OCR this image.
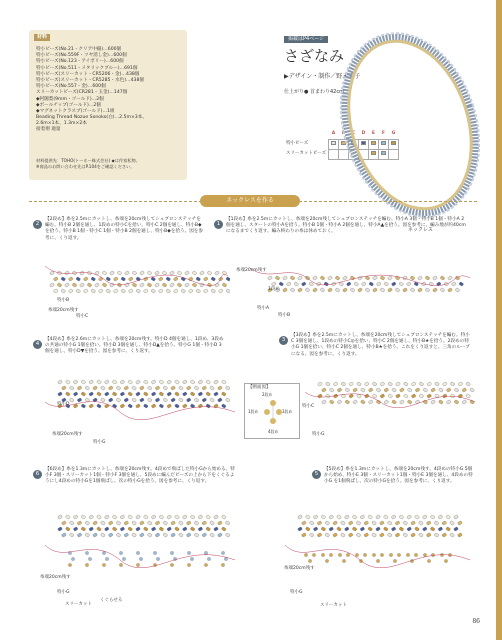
材料
特小ビーズ(No.21・クリア中銀)…600個
特小ビーズ(No.559F・ツヤ消し金)…600個
特小ビーズ(No.123・アイボリー)…600個
特小ビーズ(No.511・メタリックブルー)…691個
特小ビーズ(スリーカット・CR5206・金)…438個
特小ビーズ(スリーカット・CR5285・水色)…438個
特小ビーズ(No.557・金)…600個
スリーカットビーズ(CR281・玉金)…147個
◆阿闍梨(9mm・ゴールド)…2個
◆ボールチップ(ゴールド)…2個
◆マグネットクラスプ(ゴールド)…1組
Beading Thread Nozue Sonoko(白)…2.5m×3本、
2.6m×1本、1.3m×2本
接着剤 適量
材料提供先：TOHO(トーホー株式会社) ◆は作家私物。
※商品のお問い合わせ先はP.104をご確認ください。
掲載はP4ページ
さざなみ
▶デザイン・制作／野末園子
仕上がり● 首まわり42cm
	A	B	C	D	E	F	G
特小ビーズ							
スリーカットビーズ							
ネックレス
ネックレスを作る
1
【1段め】糸を2.5mにカットし、糸端を20cm残してシェブロンステッチを編む。特小A 3個・特小B 1個・特小A 2個を通し、スタートの特小Aを拾う。特小B 1個・特小A 2個を通し、特小A▲を拾う。図を参考に、編み地が約40cmになるまでくり返す。編み終わりの糸は休めておく。
2
【2段め】糸を2.5mにカットし、糸端を20cm残してシェブロンステッチを編む。特小B 2個を通し、1段めの特小Cを拾い、特小C 2個を通し、特小B◆を拾う。特小B 1個・特小C 1個・特小B 2個を通し、特小B◆を拾う。図を参考に、くり返す。
3
【3段め】糸を2.5mにカットし、糸端を20cm残してシェブロンステッチを編む。特小C 3個を通し、1段めの特小C◎を拾い、特小C 2個を通し、特小B★を拾う。2段めの特小G 1個を拾い、特小C 2個を通し、特小B★を拾う。これをくり返すと、三角のループになる。図を参考に、くり返す。
4
【4段め】糸を2.6mにカットし、糸端を20cm残す。特小D 4個を通し、1段め、3段めの共通の特小G 1個を拾い、特小D 3個を通し、特小D▲を拾う。特小G 1個・特小D 3個を通し、特小D▼を拾う。図を参考に、くり返す。
6
【6段め】糸を1.3mにカットし、糸端を20cm残す。4段めで飛ばした特小Gから始める。特小F 3個・スリーカット1個・特小F 3個を通し、5段めに編んだビーズの上から下をくぐるようにし4段めの特小Gを1個飛ばし、次の特小Gを拾う。図を参考に、くり返す。
5
【5段め】糸を1.3mにカットし、糸端を20cm残す。4段めの特小G 5個から始め、特小E 3個・スリーカット1個・特小E 3個を通し、4段めの特小G を1個飛ばし、次の特小Gを拾う。図を参考に、くり返す。
糸端20cm残す
1段め
特小A
特小B
特小B
糸端20cm残す
特小C
特小C
特小G
特小D
糸端20cm残す
特小G
糸端20cm残す
特小G
スリーカット
くぐらせる
糸端20cm残す
特小G
スリーカット
【断面図】
2段め
1段め	3段め
4段め
86
